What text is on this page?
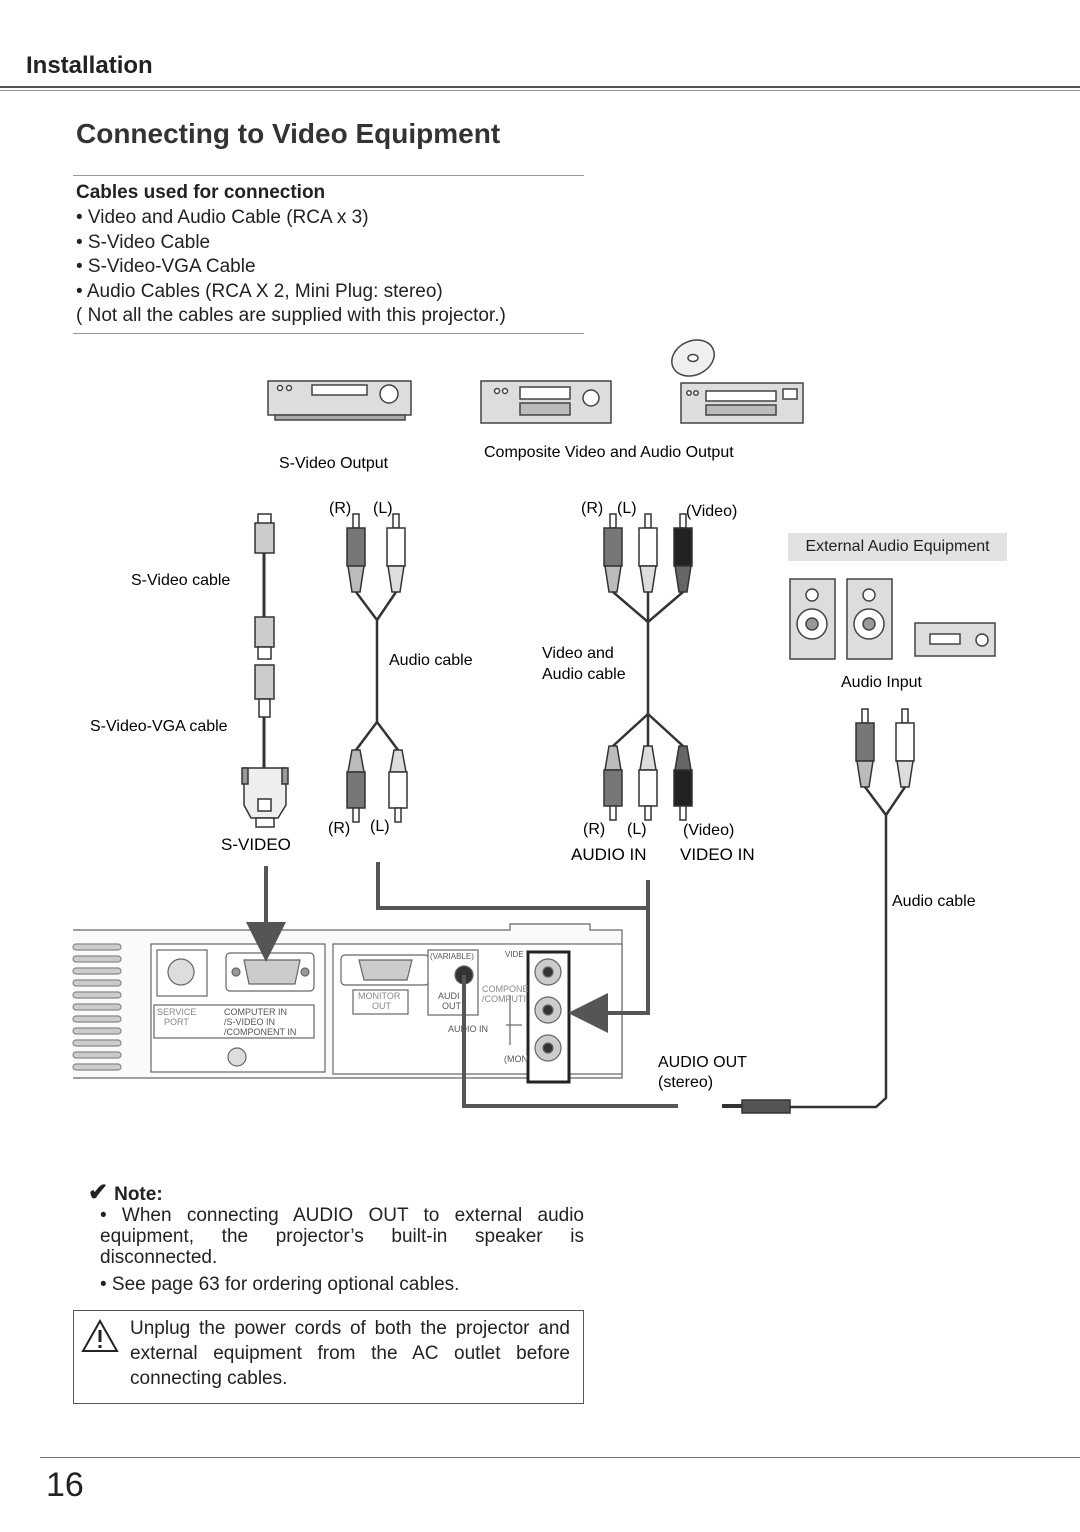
Installation
Connecting to Video Equipment
Cables used for connection
• Video and Audio Cable (RCA x 3)
• S-Video Cable
• S-Video-VGA Cable
• Audio Cables (RCA X 2, Mini Plug: stereo)
( Not all the cables are supplied with this projector.)
S-Video Output
Composite Video and Audio Output
(R) (L)	(R) (L)	(Video)
S-Video cable
Audio cable	Video and
Audio cable	Audio Input
S-Video-VGA cable
(R) (L)	(R) (L) (Video)
S-VIDEO
AUDIO IN VIDEO IN
Audio cable
AUDIO OUT
(stereo)
SERVICE
PORT
COMPUTER IN
/S-VIDEO IN
/COMPONENT IN
MONITOR
OUT
(VARIABLE)
AUDI
OUT
VIDE
COMPONE
/COMPUTI
AUDIO IN
(MON
External Audio Equipment
✔ Note:
• When connecting AUDIO OUT to external audio equipment, the projector’s built-in speaker is disconnected.
• See page 63 for ordering optional cables.
Unplug the power cords of both the projector and external equipment from the AC outlet before connecting cables.
16
